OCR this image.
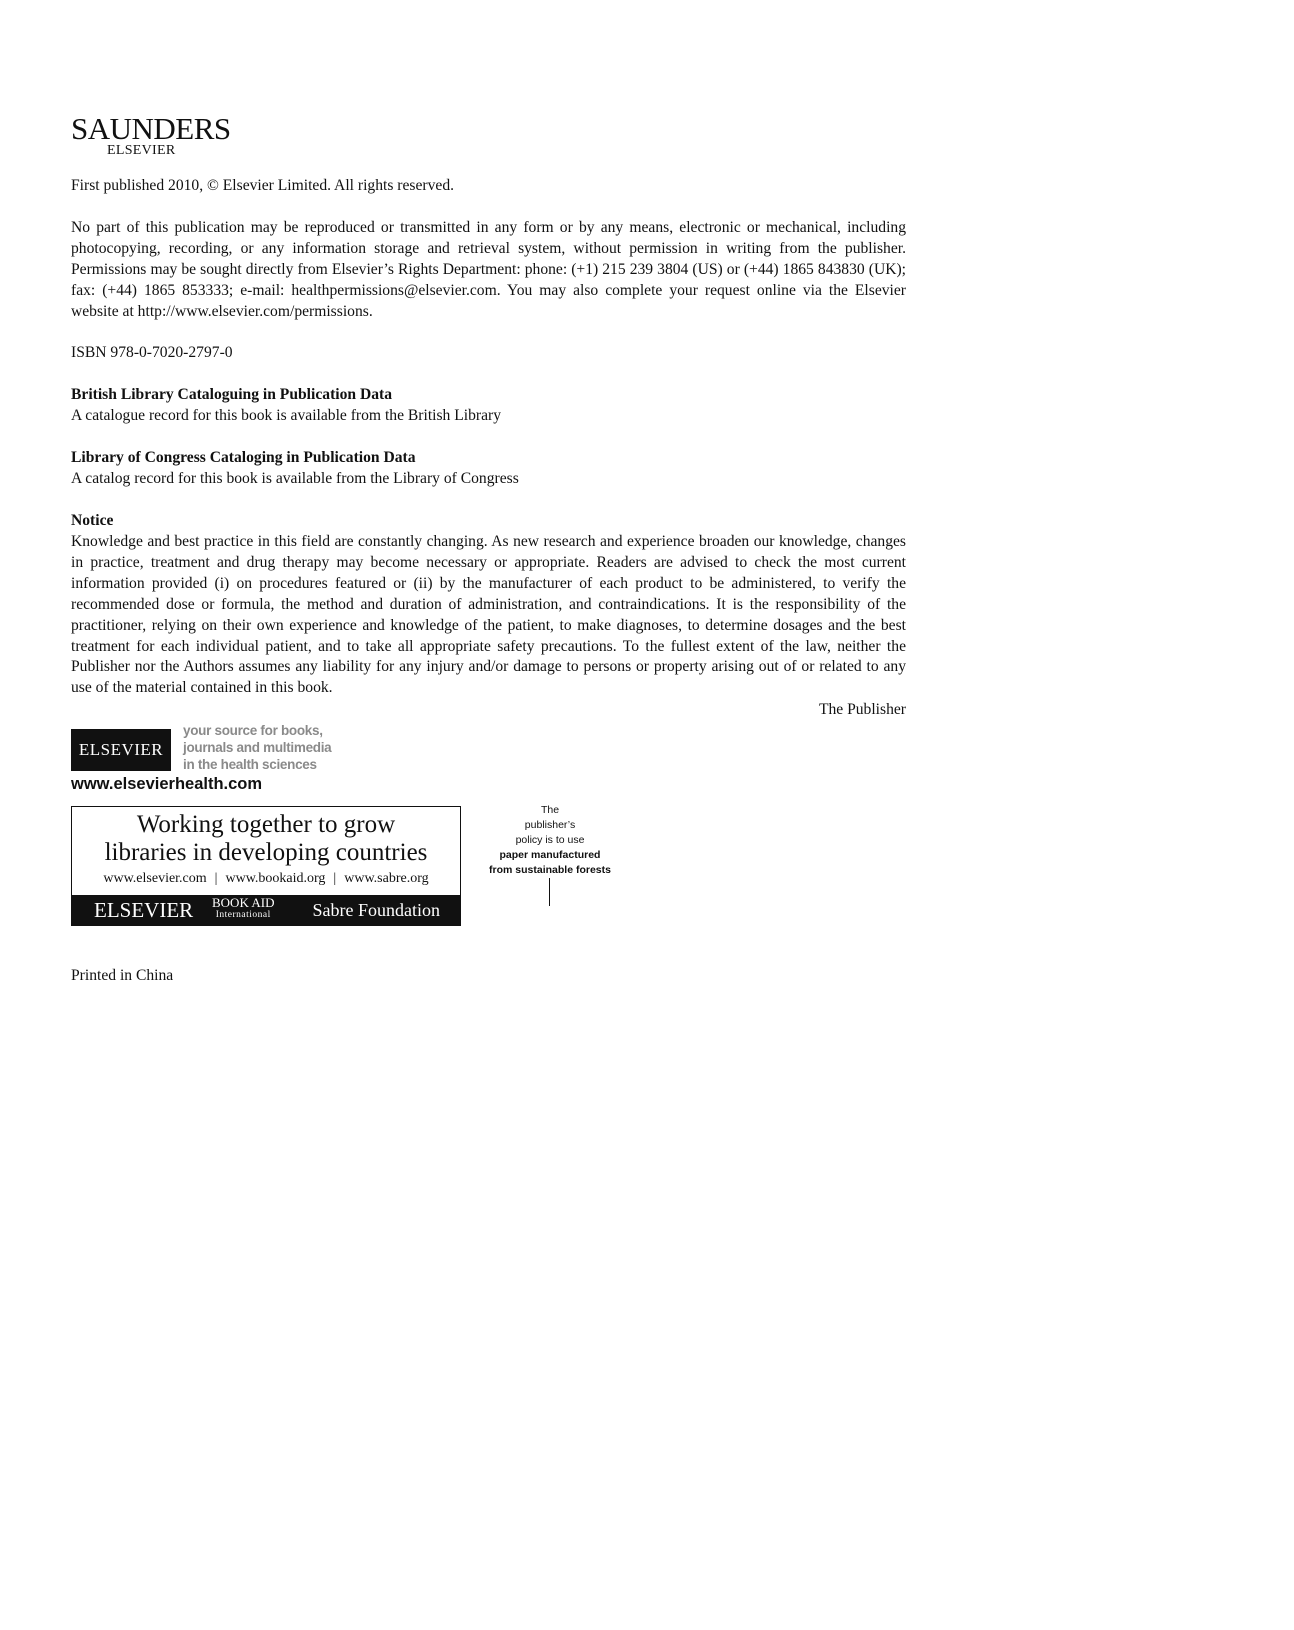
SAUNDERS
ELSEVIER

First published 2010, © Elsevier Limited. All rights reserved.

No part of this publication may be reproduced or transmitted in any form or by any means, electronic or mechanical, including photocopying, recording, or any information storage and retrieval system, without permission in writing from the publisher. Permissions may be sought directly from Elsevier’s Rights Department: phone: (+1) 215 239 3804 (US) or (+44) 1865 843830 (UK); fax: (+44) 1865 853333; e-mail: healthpermissions@elsevier.com. You may also complete your request online via the Elsevier website at http://www.elsevier.com/permissions.

ISBN 978-0-7020-2797-0

British Library Cataloguing in Publication Data

A catalogue record for this book is available from the British Library

Library of Congress Cataloging in Publication Data

A catalog record for this book is available from the Library of Congress

Notice

Knowledge and best practice in this field are constantly changing. As new research and experience broaden our knowledge, changes in practice, treatment and drug therapy may become necessary or appropriate. Readers are advised to check the most current information provided (i) on procedures featured or (ii) by the manufacturer of each product to be administered, to verify the recommended dose or formula, the method and duration of administration, and contraindications. It is the responsibility of the practitioner, relying on their own experience and knowledge of the patient, to make diagnoses, to determine dosages and the best treatment for each individual patient, and to take all appropriate safety precautions. To the fullest extent of the law, neither the Publisher nor the Authors assumes any liability for any injury and/or damage to persons or property arising out of or related to any use of the material contained in this book.

The Publisher

ELSEVIER
your source for books,
journals and multimedia
in the health sciences
www.elsevierhealth.com
Working together to grow
libraries in developing countries
www.elsevier.com | www.bookaid.org | www.sabre.org
ELSEVIER BOOK AID
International Sabre Foundation
The
publisher’s
policy is to use
paper manufactured
from sustainable forests

Printed in China
